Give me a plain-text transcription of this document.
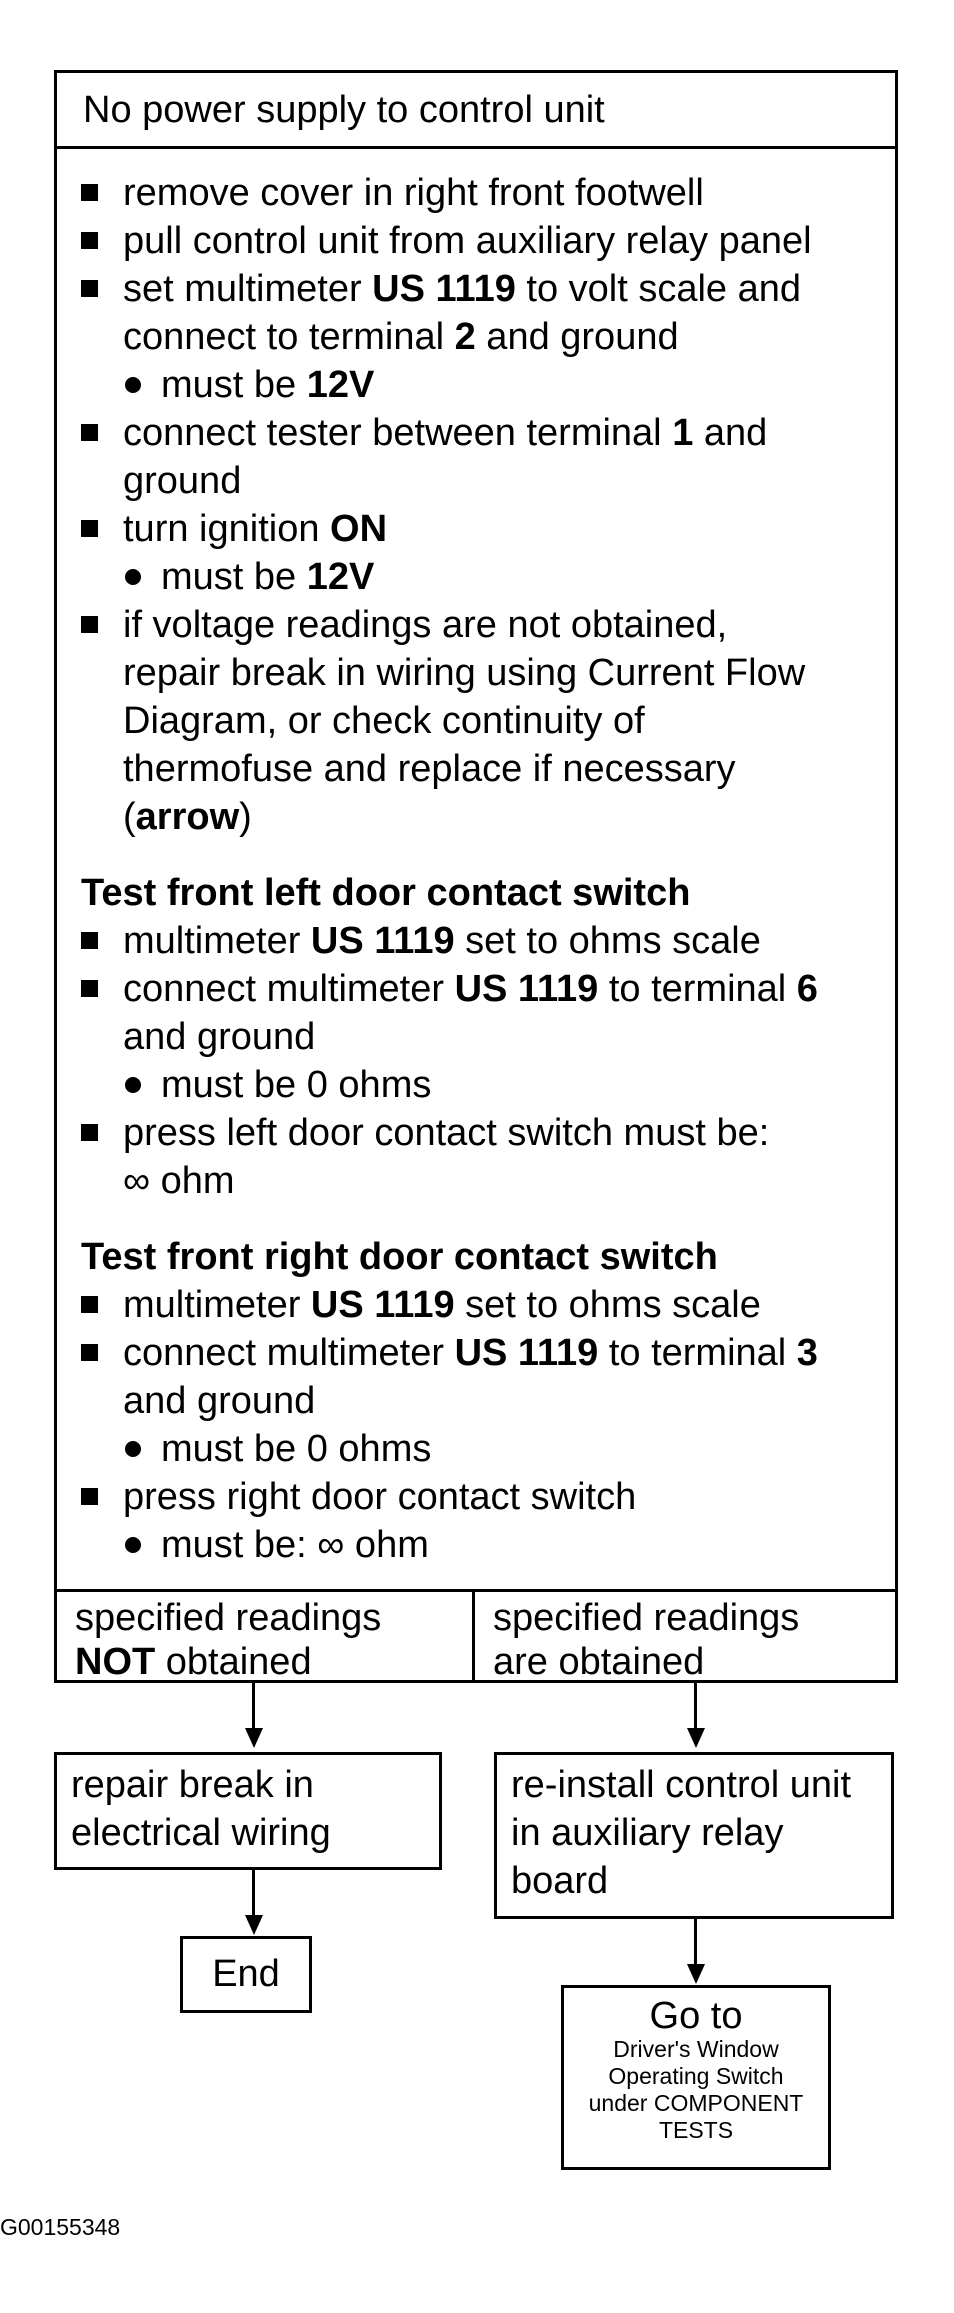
No power supply to control unit
remove cover in right front footwell
pull control unit from auxiliary relay panel
set multimeter US 1119 to volt scale and
connect to terminal 2 and ground
must be 12V
connect tester between terminal 1 and
ground
turn ignition ON
must be 12V
if voltage readings are not obtained,
repair break in wiring using Current Flow
Diagram, or check continuity of
thermofuse and replace if necessary
(arrow)
Test front left door contact switch
multimeter US 1119 set to ohms scale
connect multimeter US 1119 to terminal 6
and ground
must be 0 ohms
press left door contact switch must be:
∞ ohm
Test front right door contact switch
multimeter US 1119 set to ohms scale
connect multimeter US 1119 to terminal 3
and ground
must be 0 ohms
press right door contact switch
must be: ∞ ohm
specified readings
NOT obtained
specified readings
are obtained
repair break in
electrical wiring
re-install control unit
in auxiliary relay
board
End
Go to
Driver's Window
Operating Switch
under COMPONENT
TESTS
G00155348
